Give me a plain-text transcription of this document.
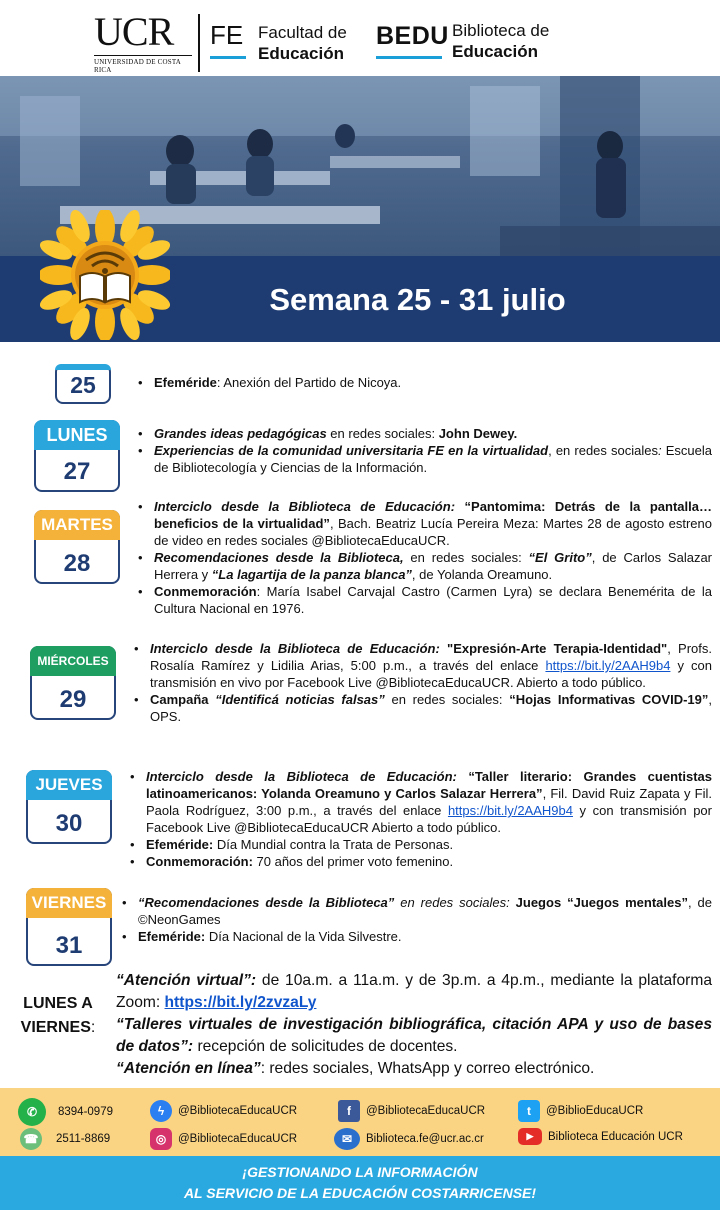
UCR
UNIVERSIDAD DE COSTA RICA
FE Facultad de
Educación
BEDU Biblioteca de
Educación
Semana 25 - 31 julio
25
•	Efeméride: Anexión del Partido de Nicoya.
LUNES
27
• Grandes ideas pedagógicas en redes sociales: John Dewey.
• Experiencias de la comunidad universitaria FE en la virtualidad, en redes sociales: Escuela de Bibliotecología y Ciencias de la Información.
MARTES
28
• Interciclo desde la Biblioteca de Educación: “Pantomima: Detrás de la pantalla… beneficios de la virtualidad”, Bach. Beatriz Lucía Pereira Meza: Martes 28 de agosto estreno de video en redes sociales @BibliotecaEducaUCR.
• Recomendaciones desde la Biblioteca, en redes sociales: “El Grito”, de Carlos Salazar Herrera y “La lagartija de la panza blanca”, de Yolanda Oreamuno.
• Conmemoración: María Isabel Carvajal Castro (Carmen Lyra) se declara Benemérita de la Cultura Nacional en 1976.
MIÉRCOLES
29
• Interciclo desde la Biblioteca de Educación: "Expresión-Arte Terapia-Identidad", Profs. Rosalía Ramírez y Lidilia Arias, 5:00 p.m., a través del enlace https://bit.ly/2AAH9b4 y con transmisión en vivo por Facebook Live @BibliotecaEducaUCR. Abierto a todo público.
• Campaña “Identificá noticias falsas” en redes sociales: “Hojas Informativas COVID-19”, OPS.
JUEVES
30
• Interciclo desde la Biblioteca de Educación: “Taller literario: Grandes cuentistas latinoamericanos: Yolanda Oreamuno y Carlos Salazar Herrera”, Fil. David Ruiz Zapata y Fil. Paola Rodríguez, 3:00 p.m., a través del enlace https://bit.ly/2AAH9b4 y con transmisión por Facebook Live @BibliotecaEducaUCR Abierto a todo público.
• Efeméride: Día Mundial contra la Trata de Personas.
• Conmemoración: 70 años del primer voto femenino.
VIERNES
31
• “Recomendaciones desde la Biblioteca” en redes sociales: Juegos “Juegos mentales”, de ©NeonGames
• Efeméride: Día Nacional de la Vida Silvestre.
LUNES A
VIERNES:
“Atención virtual”: de 10a.m. a 11a.m. y de 3p.m. a 4p.m., mediante la plataforma Zoom: https://bit.ly/2zvzaLy
“Talleres virtuales de investigación bibliográfica, citación APA y uso de bases de datos”: recepción de solicitudes de docentes.
“Atención en línea”: redes sociales, WhatsApp y correo electrónico.
✆	8394-0979	ϟ	@BibliotecaEducaUCR	f	@BibliotecaEducaUCR	t	@BiblioEducaUCR
☎	2511-8869	◎	@BibliotecaEducaUCR	✉	Biblioteca.fe@ucr.ac.cr	▶	Biblioteca Educación UCR
¡GESTIONANDO LA INFORMACIÓN
AL SERVICIO DE LA EDUCACIÓN COSTARRICENSE!
